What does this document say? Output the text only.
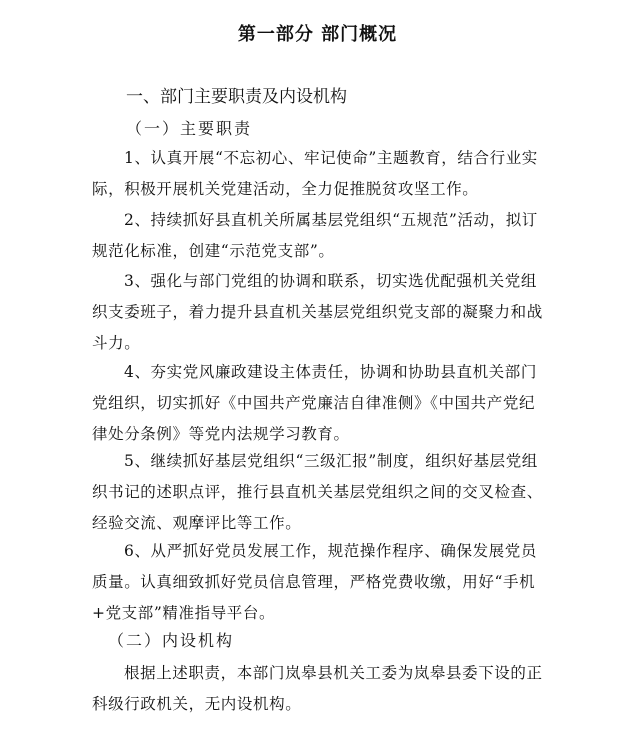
第一部分 部门概况
一、部门主要职责及内设机构
（一）主要职责

1、认真开展“不忘初心、牢记使命”主题教育，结合行业实际，积极开展机关党建活动，全力促推脱贫攻坚工作。

2、持续抓好县直机关所属基层党组织“五规范”活动，拟订规范化标准，创建“示范党支部”。

3、强化与部门党组的协调和联系，切实选优配强机关党组织支委班子，着力提升县直机关基层党组织党支部的凝聚力和战斗力。

4、夯实党风廉政建设主体责任，协调和协助县直机关部门党组织，切实抓好《中国共产党廉洁自律准侧》《中国共产党纪律处分条例》等党内法规学习教育。

5、继续抓好基层党组织“三级汇报”制度，组织好基层党组织书记的述职点评，推行县直机关基层党组织之间的交叉检查、经验交流、观摩评比等工作。

6、从严抓好党员发展工作，规范操作程序、确保发展党员质量。认真细致抓好党员信息管理，严格党费收缴，用好“手机+党支部”精准指导平台。

（二）内设机构

根据上述职责，本部门岚皋县机关工委为岚皋县委下设的正科级行政机关，无内设机构。
